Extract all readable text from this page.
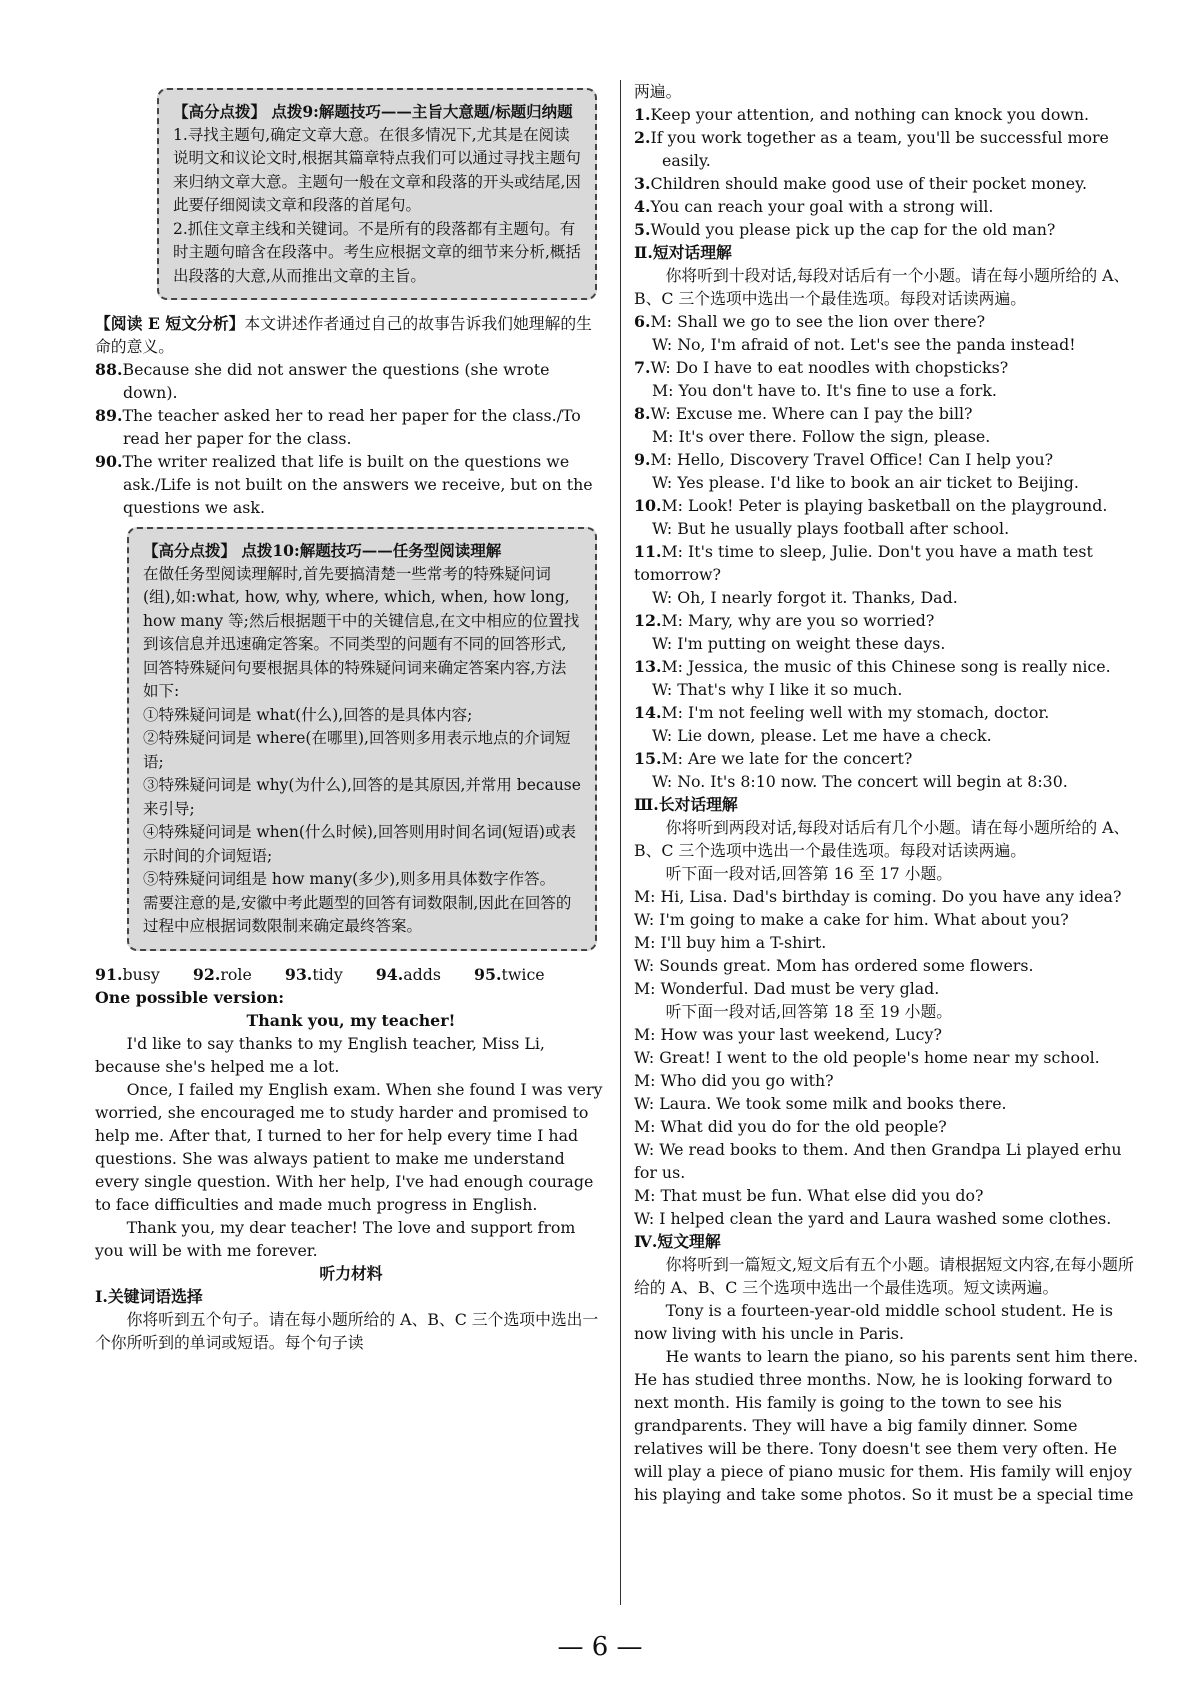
【高分点拨】 点拨9:解题技巧——主旨大意题/标题归纳题

1.寻找主题句,确定文章大意。在很多情况下,尤其是在阅读说明文和议论文时,根据其篇章特点我们可以通过寻找主题句来归纳文章大意。主题句一般在文章和段落的开头或结尾,因此要仔细阅读文章和段落的首尾句。

2.抓住文章主线和关键词。不是所有的段落都有主题句。有时主题句暗含在段落中。考生应根据文章的细节来分析,概括出段落的大意,从而推出文章的主旨。

【阅读 E 短文分析】本文讲述作者通过自己的故事告诉我们她理解的生命的意义。

88.Because she did not answer the questions (she wrote down).

89.The teacher asked her to read her paper for the class./To read her paper for the class.

90.The writer realized that life is built on the questions we ask./Life is not built on the answers we receive, but on the questions we ask.

【高分点拨】 点拨10:解题技巧——任务型阅读理解

在做任务型阅读理解时,首先要搞清楚一些常考的特殊疑问词(组),如:what, how, why, where, which, when, how long, how many 等;然后根据题干中的关键信息,在文中相应的位置找到该信息并迅速确定答案。不同类型的问题有不同的回答形式,回答特殊疑问句要根据具体的特殊疑问词来确定答案内容,方法如下:

①特殊疑问词是 what(什么),回答的是具体内容;

②特殊疑问词是 where(在哪里),回答则多用表示地点的介词短语;

③特殊疑问词是 why(为什么),回答的是其原因,并常用 because 来引导;

④特殊疑问词是 when(什么时候),回答则用时间名词(短语)或表示时间的介词短语;

⑤特殊疑问词组是 how many(多少),则多用具体数字作答。

需要注意的是,安徽中考此题型的回答有词数限制,因此在回答的过程中应根据词数限制来确定最终答案。

91.busy 92.role 93.tidy 94.adds 95.twice

One possible version:

Thank you, my teacher!

I'd like to say thanks to my English teacher, Miss Li, because she's helped me a lot.

Once, I failed my English exam. When she found I was very worried, she encouraged me to study harder and promised to help me. After that, I turned to her for help every time I had questions. She was always patient to make me understand every single question. With her help, I've had enough courage to face difficulties and made much progress in English.

Thank you, my dear teacher! The love and support from you will be with me forever.

听力材料

Ⅰ.关键词语选择

你将听到五个句子。请在每小题所给的 A、B、C 三个选项中选出一个你所听到的单词或短语。每个句子读

两遍。

1.Keep your attention, and nothing can knock you down.

2.If you work together as a team, you'll be successful more easily.

3.Children should make good use of their pocket money.

4.You can reach your goal with a strong will.

5.Would you please pick up the cap for the old man?

Ⅱ.短对话理解

你将听到十段对话,每段对话后有一个小题。请在每小题所给的 A、B、C 三个选项中选出一个最佳选项。每段对话读两遍。

6.M: Shall we go to see the lion over there?

W: No, I'm afraid of not. Let's see the panda instead!

7.W: Do I have to eat noodles with chopsticks?

M: You don't have to. It's fine to use a fork.

8.W: Excuse me. Where can I pay the bill?

M: It's over there. Follow the sign, please.

9.M: Hello, Discovery Travel Office! Can I help you?

W: Yes please. I'd like to book an air ticket to Beijing.

10.M: Look! Peter is playing basketball on the playground.

W: But he usually plays football after school.

11.M: It's time to sleep, Julie. Don't you have a math test tomorrow?

W: Oh, I nearly forgot it. Thanks, Dad.

12.M: Mary, why are you so worried?

W: I'm putting on weight these days.

13.M: Jessica, the music of this Chinese song is really nice.

W: That's why I like it so much.

14.M: I'm not feeling well with my stomach, doctor.

W: Lie down, please. Let me have a check.

15.M: Are we late for the concert?

W: No. It's 8:10 now. The concert will begin at 8:30.

Ⅲ.长对话理解

你将听到两段对话,每段对话后有几个小题。请在每小题所给的 A、B、C 三个选项中选出一个最佳选项。每段对话读两遍。

听下面一段对话,回答第 16 至 17 小题。

M: Hi, Lisa. Dad's birthday is coming. Do you have any idea?

W: I'm going to make a cake for him. What about you?

M: I'll buy him a T-shirt.

W: Sounds great. Mom has ordered some flowers.

M: Wonderful. Dad must be very glad.

听下面一段对话,回答第 18 至 19 小题。

M: How was your last weekend, Lucy?

W: Great! I went to the old people's home near my school.

M: Who did you go with?

W: Laura. We took some milk and books there.

M: What did you do for the old people?

W: We read books to them. And then Grandpa Li played erhu for us.

M: That must be fun. What else did you do?

W: I helped clean the yard and Laura washed some clothes.

Ⅳ.短文理解

你将听到一篇短文,短文后有五个小题。请根据短文内容,在每小题所给的 A、B、C 三个选项中选出一个最佳选项。短文读两遍。

Tony is a fourteen-year-old middle school student. He is now living with his uncle in Paris.

He wants to learn the piano, so his parents sent him there. He has studied three months. Now, he is looking forward to next month. His family is going to the town to see his grandparents. They will have a big family dinner. Some relatives will be there. Tony doesn't see them very often. He will play a piece of piano music for them. His family will enjoy his playing and take some photos. So it must be a special time

— 6 —
